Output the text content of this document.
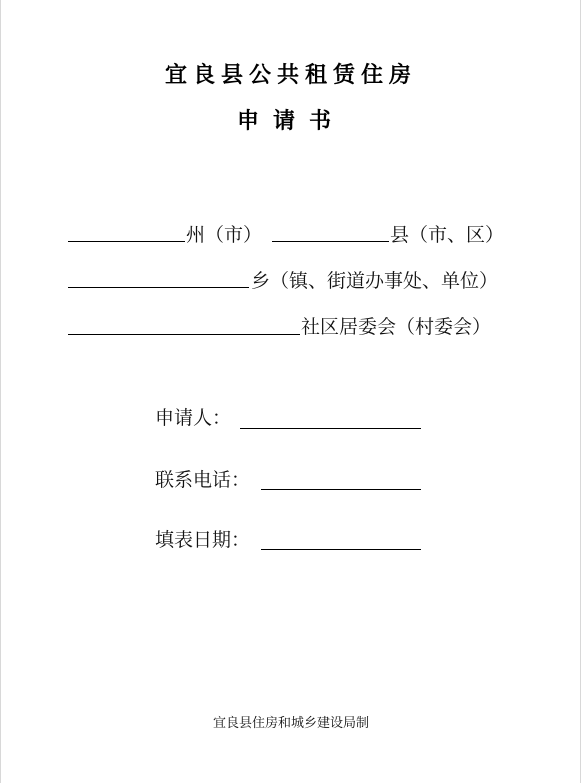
宜良县公共租赁住房
申请书
州（市）	县（市、区）
乡（镇、街道办事处、单位）
社区居委会（村委会）
申请人：
联系电话：
填表日期：
宜良县住房和城乡建设局制
